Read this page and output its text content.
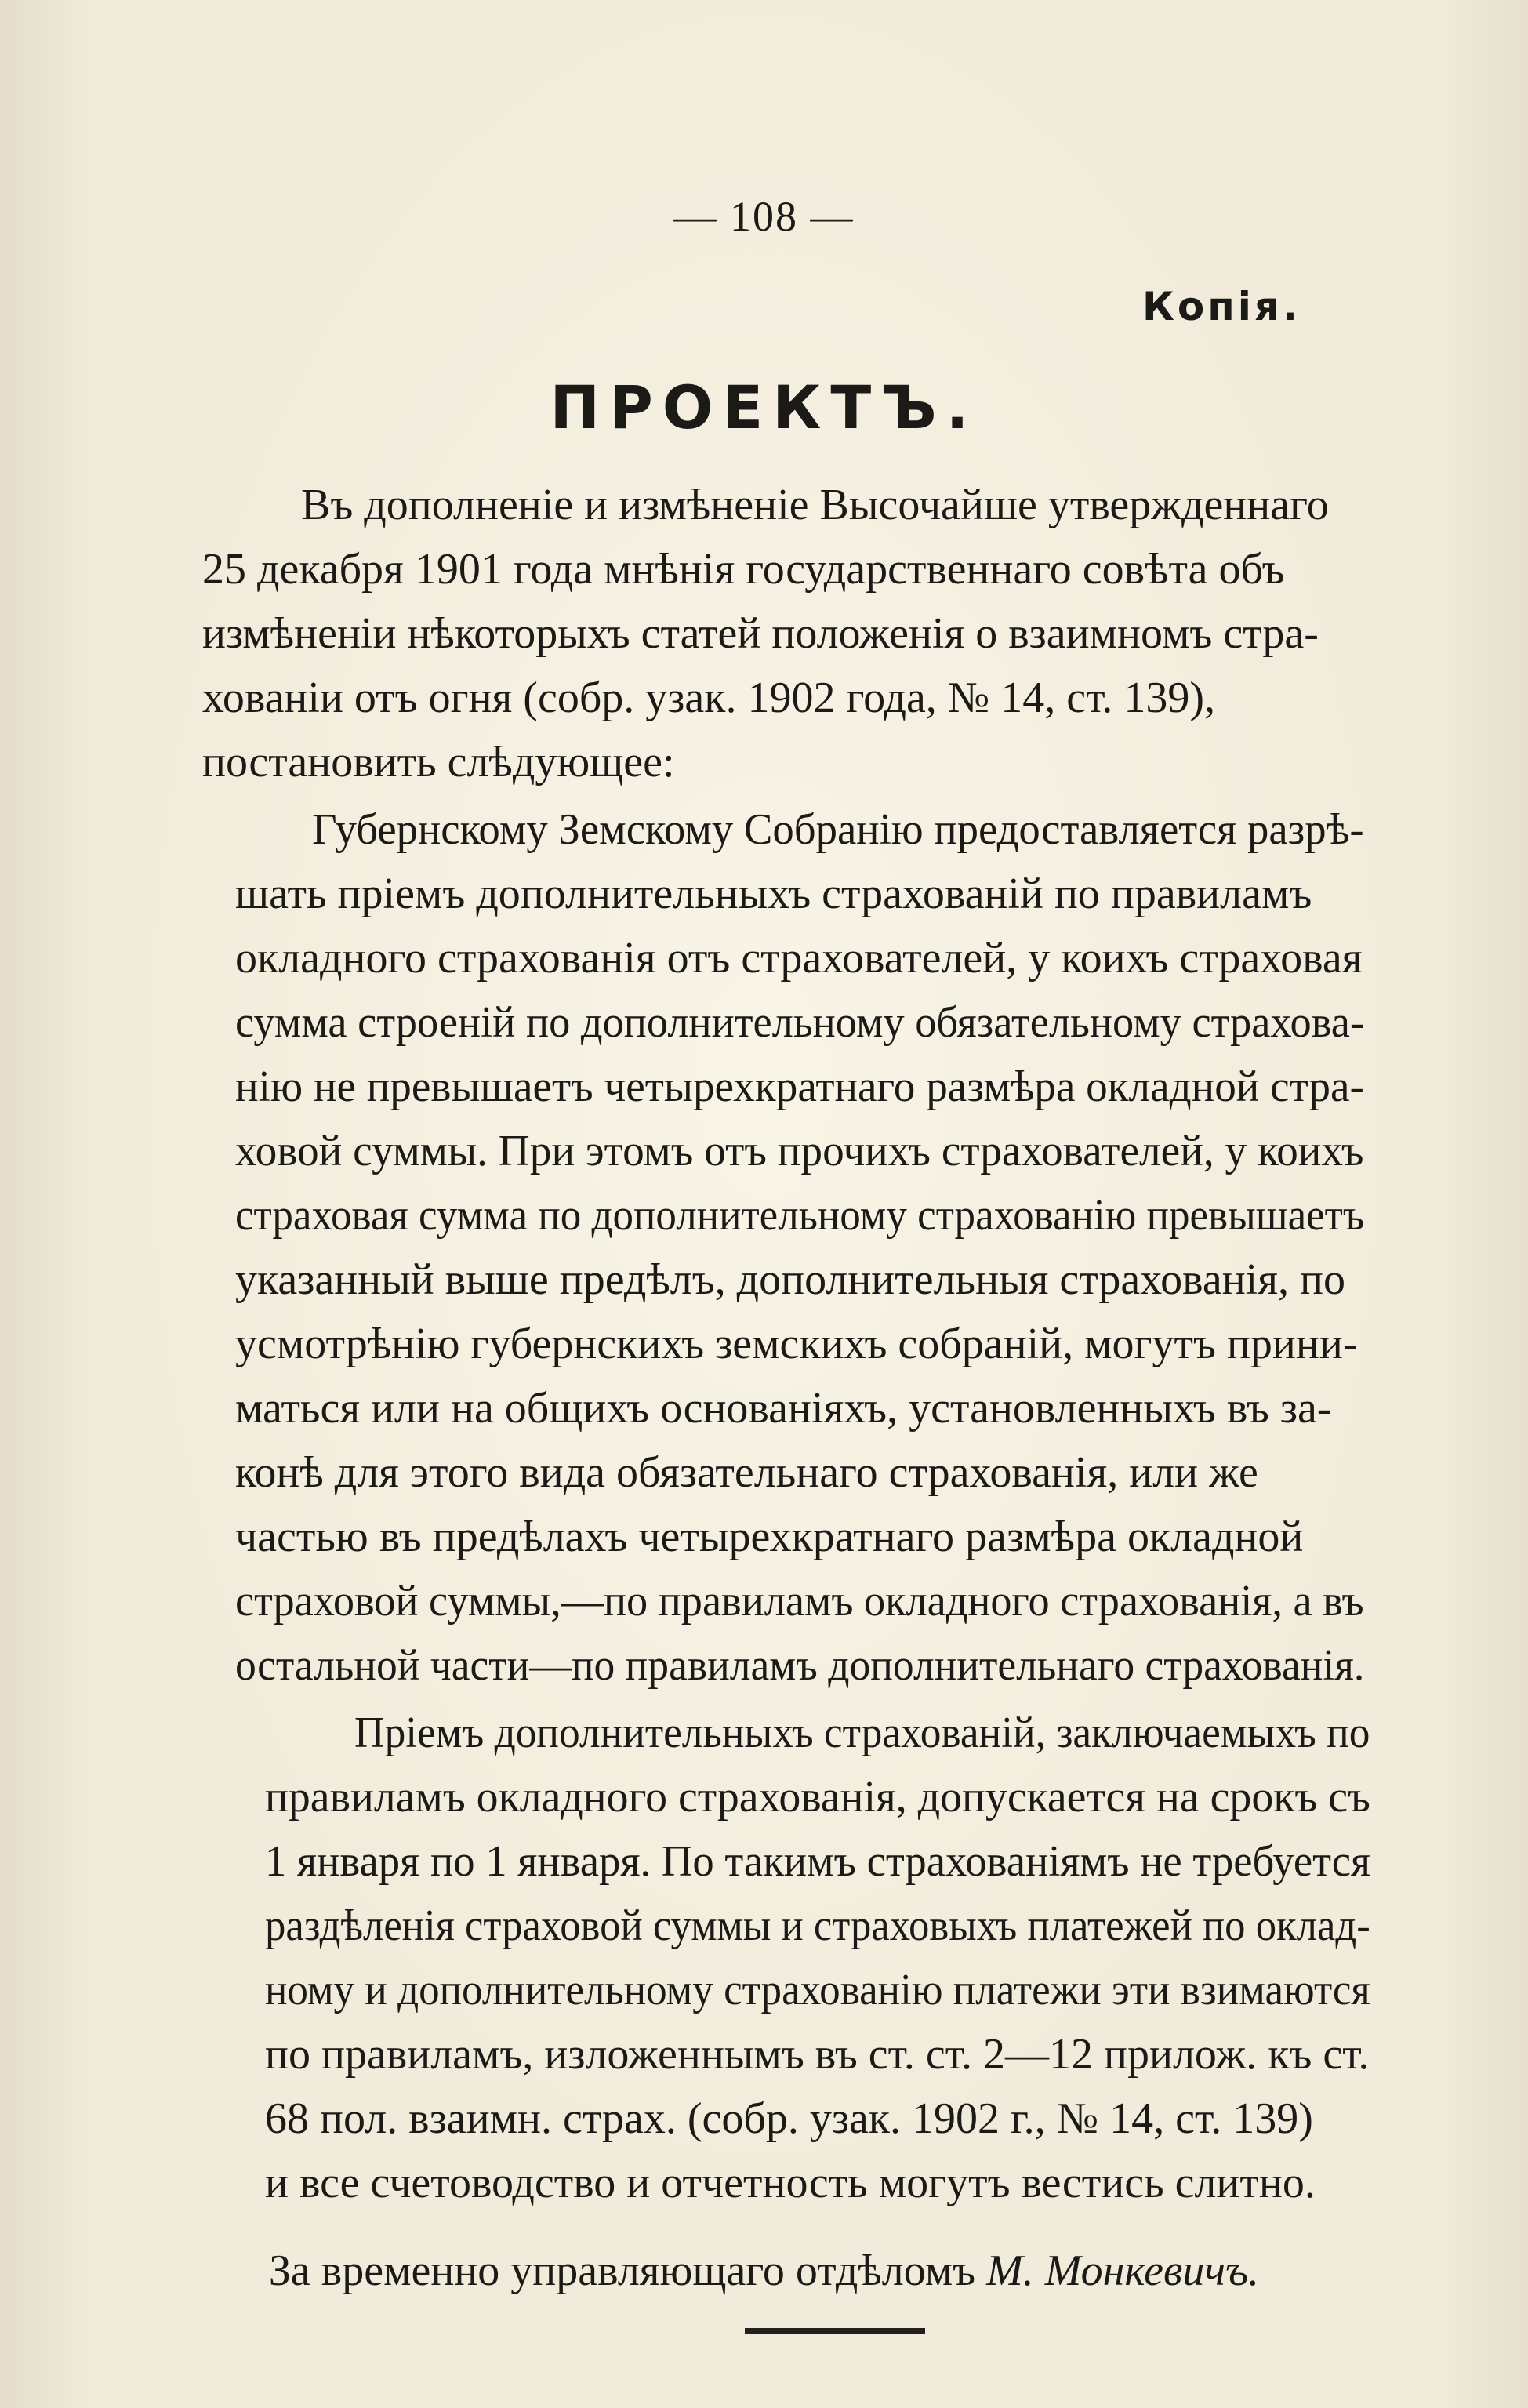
— 108 —
Копія.
ПРОЕКТЪ.
Въ дополненіе и измѣненіе Высочайше утвержденнаго
25 декабря 1901 года мнѣнія государственнаго совѣта объ
измѣненіи нѣкоторыхъ статей положенія о взаимномъ стра-
хованіи отъ огня (собр. узак. 1902 года, № 14, ст. 139),
постановить слѣдующее:
Губернскому Земскому Собранію предоставляется разрѣ-
шать пріемъ дополнительныхъ страхованій по правиламъ
окладного страхованія отъ страхователей, у коихъ страховая
сумма строеній по дополнительному обязательному страхова-
нію не превышаетъ четырехкратнаго размѣра окладной стра-
ховой суммы. При этомъ отъ прочихъ страхователей, у коихъ
страховая сумма по дополнительному страхованію превышаетъ
указанный выше предѣлъ, дополнительныя страхованія, по
усмотрѣнію губернскихъ земскихъ собраній, могутъ прини-
маться или на общихъ основаніяхъ, установленныхъ въ за-
конѣ для этого вида обязательнаго страхованія, или же
частью въ предѣлахъ четырехкратнаго размѣра окладной
страховой суммы,—по правиламъ окладного страхованія, а въ
остальной части—по правиламъ дополнительнаго страхованія.
Пріемъ дополнительныхъ страхованій, заключаемыхъ по
правиламъ окладного страхованія, допускается на срокъ съ
1 января по 1 января. По такимъ страхованіямъ не требуется
раздѣленія страховой суммы и страховыхъ платежей по оклад-
ному и дополнительному страхованію платежи эти взимаются
по правиламъ, изложеннымъ въ ст. ст. 2—12 прилож. къ ст.
68 пол. взаимн. страх. (собр. узак. 1902 г., № 14, ст. 139)
и все счетоводство и отчетность могутъ вестись слитно.
За временно управляющаго отдѣломъ М. Монкевичъ.
